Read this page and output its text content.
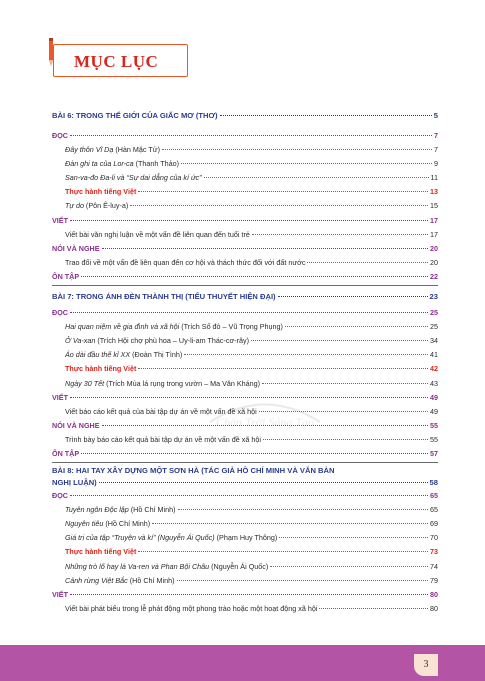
MỤC LỤC
Chân Trời Sáng Tạo
BÀI 6: TRONG THẾ GIỚI CỦA GIẤC MƠ (THƠ)	5
ĐỌC	7
Đây thôn Vĩ Dạ (Hàn Mặc Tử)	7
Đàn ghi ta của Lor-ca (Thanh Thảo)	9
San-va-đo Đa-li và “Sự dai dẳng của kí ức”	11
Thực hành tiếng Việt	13
Tự do (Pôn Ê-luy-a)	15
VIẾT	17
Viết bài văn nghị luận về một vấn đề liên quan đến tuổi trẻ	17
NÓI VÀ NGHE	20
Trao đổi về một vấn đề liên quan đến cơ hội và thách thức đối với đất nước	20
ÔN TẬP	22
BÀI 7: TRONG ÁNH ĐÈN THÀNH THỊ (TIỂU THUYẾT HIỆN ĐẠI)	23
ĐỌC	25
Hai quan niệm về gia đình và xã hội (Trích Số đỏ – Vũ Trọng Phụng)	25
Ở Va-xan (Trích Hội chợ phù hoa – Uy-li-am Thác-cơ-rây)	34
Áo dài đầu thế kỉ XX (Đoàn Thị Tình)	41
Thực hành tiếng Việt	42
Ngày 30 Tết (Trích Mùa lá rụng trong vườn – Ma Văn Kháng)	43
VIẾT	49
Viết báo cáo kết quả của bài tập dự án về một vấn đề xã hội	49
NÓI VÀ NGHE	55
Trình bày báo cáo kết quả bài tập dự án về một vấn đề xã hội	55
ÔN TẬP	57
BÀI 8: HAI TAY XÂY DỰNG MỘT SƠN HÀ (TÁC GIẢ HỒ CHÍ MINH VÀ VĂN BẢN
NGHỊ LUẬN)	58
ĐỌC	65
Tuyên ngôn Độc lập (Hồ Chí Minh)	65
Nguyên tiêu (Hồ Chí Minh)	69
Giá trị của tập “Truyện và kí” (Nguyễn Ái Quốc) (Phạm Huy Thông)	70
Thực hành tiếng Việt	73
Những trò lố hay là Va-ren và Phan Bội Châu (Nguyễn Ái Quốc)	74
Cảnh rừng Việt Bắc (Hồ Chí Minh)	79
VIẾT	80
Viết bài phát biểu trong lễ phát động một phong trào hoặc một hoạt động xã hội	80
3
